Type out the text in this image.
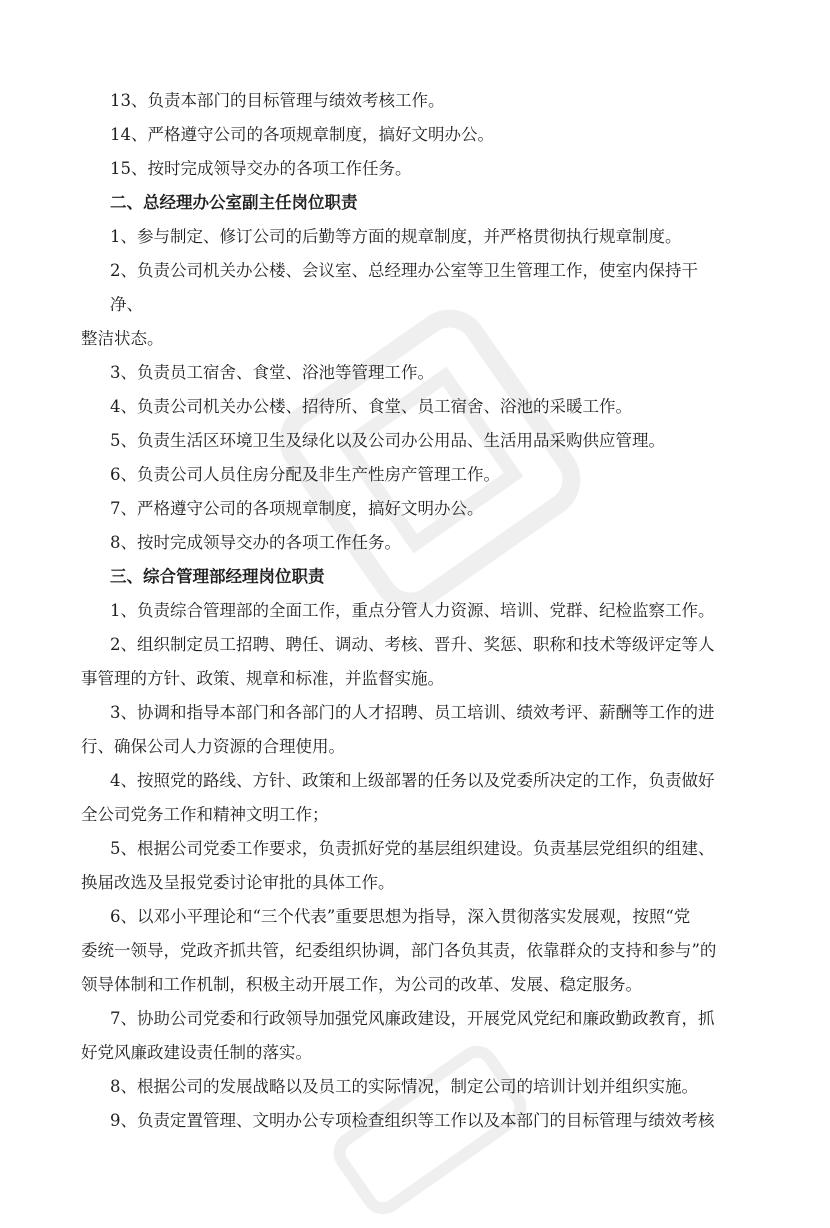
13、负责本部门的目标管理与绩效考核工作。

14、严格遵守公司的各项规章制度，搞好文明办公。

15、按时完成领导交办的各项工作任务。

二、总经理办公室副主任岗位职责

1、参与制定、修订公司的后勤等方面的规章制度，并严格贯彻执行规章制度。

2、负责公司机关办公楼、会议室、总经理办公室等卫生管理工作，使室内保持干净、
整洁状态。

3、负责员工宿舍、食堂、浴池等管理工作。

4、负责公司机关办公楼、招待所、食堂、员工宿舍、浴池的采暖工作。

5、负责生活区环境卫生及绿化以及公司办公用品、生活用品采购供应管理。

6、负责公司人员住房分配及非生产性房产管理工作。

7、严格遵守公司的各项规章制度，搞好文明办公。

8、按时完成领导交办的各项工作任务。

三、综合管理部经理岗位职责

1、负责综合管理部的全面工作，重点分管人力资源、培训、党群、纪检监察工作。

2、组织制定员工招聘、聘任、调动、考核、晋升、奖惩、职称和技术等级评定等人
事管理的方针、政策、规章和标准，并监督实施。

3、协调和指导本部门和各部门的人才招聘、员工培训、绩效考评、薪酬等工作的进
行、确保公司人力资源的合理使用。

4、按照党的路线、方针、政策和上级部署的任务以及党委所决定的工作，负责做好
全公司党务工作和精神文明工作；

5、根据公司党委工作要求，负责抓好党的基层组织建设。负责基层党组织的组建、
换届改选及呈报党委讨论审批的具体工作。

6、以邓小平理论和“三个代表”重要思想为指导，深入贯彻落实发展观，按照“党
委统一领导，党政齐抓共管，纪委组织协调，部门各负其责，依靠群众的支持和参与”的
领导体制和工作机制，积极主动开展工作，为公司的改革、发展、稳定服务。

7、协助公司党委和行政领导加强党风廉政建设，开展党风党纪和廉政勤政教育，抓
好党风廉政建设责任制的落实。

8、根据公司的发展战略以及员工的实际情况，制定公司的培训计划并组织实施。

9、负责定置管理、文明办公专项检查组织等工作以及本部门的目标管理与绩效考核
